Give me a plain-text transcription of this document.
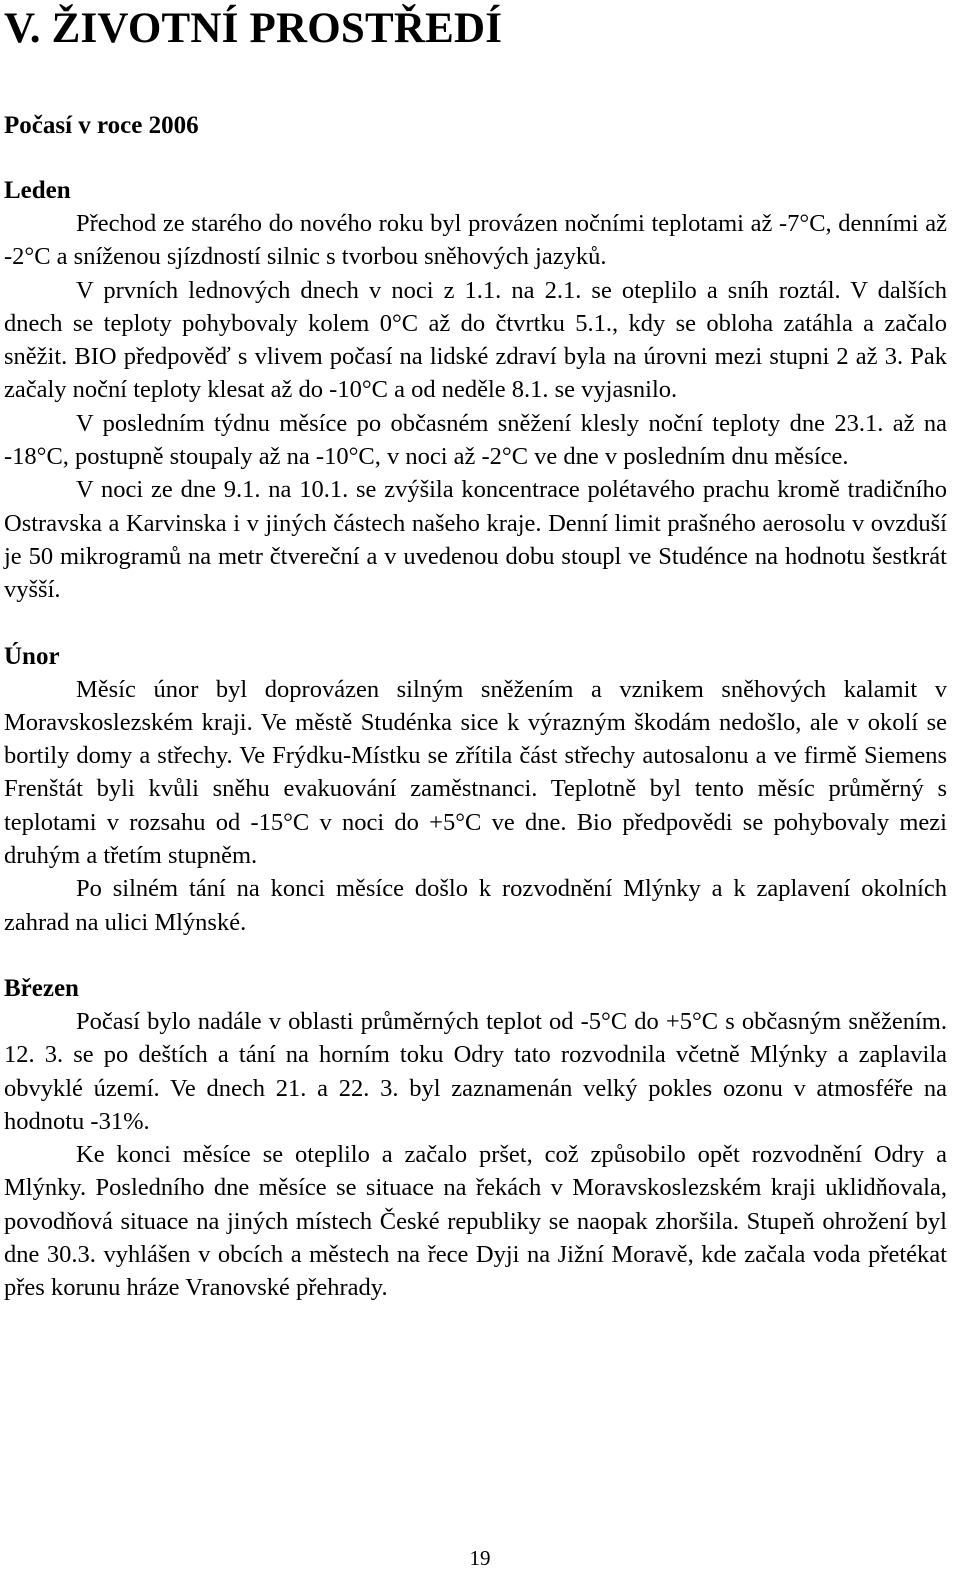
V. ŽIVOTNÍ PROSTŘEDÍ
Počasí v roce 2006
Leden

Přechod ze starého do nového roku byl provázen nočními teplotami až -7°C, denními až -2°C a sníženou sjízdností silnic s tvorbou sněhových jazyků.

V prvních lednových dnech v noci z 1.1. na 2.1. se oteplilo a sníh roztál. V dalších dnech se teploty pohybovaly kolem 0°C až do čtvrtku 5.1., kdy se obloha zatáhla a začalo sněžit. BIO předpověď s vlivem počasí na lidské zdraví byla na úrovni mezi stupni 2 až 3. Pak začaly noční teploty klesat až do -10°C a od neděle 8.1. se vyjasnilo.

V posledním týdnu měsíce po občasném sněžení klesly noční teploty dne 23.1. až na -18°C, postupně stoupaly až na -10°C, v noci až -2°C ve dne v posledním dnu měsíce.

V noci ze dne 9.1. na 10.1. se zvýšila koncentrace polétavého prachu kromě tradičního Ostravska a Karvinska i v jiných částech našeho kraje. Denní limit prašného aerosolu v ovzduší je 50 mikrogramů na metr čtvereční a v uvedenou dobu stoupl ve Studénce na hodnotu šestkrát vyšší.

Únor

Měsíc únor byl doprovázen silným sněžením a vznikem sněhových kalamit v Moravskoslezském kraji. Ve městě Studénka sice k výrazným škodám nedošlo, ale v okolí se bortily domy a střechy. Ve Frýdku-Místku se zřítila část střechy autosalonu a ve firmě Siemens Frenštát byli kvůli sněhu evakuování zaměstnanci. Teplotně byl tento měsíc průměrný s teplotami v rozsahu od -15°C v noci do +5°C ve dne. Bio předpovědi se pohybovaly mezi druhým a třetím stupněm.

Po silném tání na konci měsíce došlo k rozvodnění Mlýnky a k zaplavení okolních zahrad na ulici Mlýnské.

Březen

Počasí bylo nadále v oblasti průměrných teplot od -5°C do +5°C s občasným sněžením. 12. 3. se po deštích a tání na horním toku Odry tato rozvodnila včetně Mlýnky a zaplavila obvyklé území. Ve dnech 21. a 22. 3. byl zaznamenán velký pokles ozonu v atmosféře na hodnotu -31%.

Ke konci měsíce se oteplilo a začalo pršet, což způsobilo opět rozvodnění Odry a Mlýnky. Posledního dne měsíce se situace na řekách v Moravskoslezském kraji uklidňovala, povodňová situace na jiných místech České republiky se naopak zhoršila. Stupeň ohrožení byl dne 30.3. vyhlášen v obcích a městech na řece Dyji na Jižní Moravě, kde začala voda přetékat přes korunu hráze Vranovské přehrady.

19
